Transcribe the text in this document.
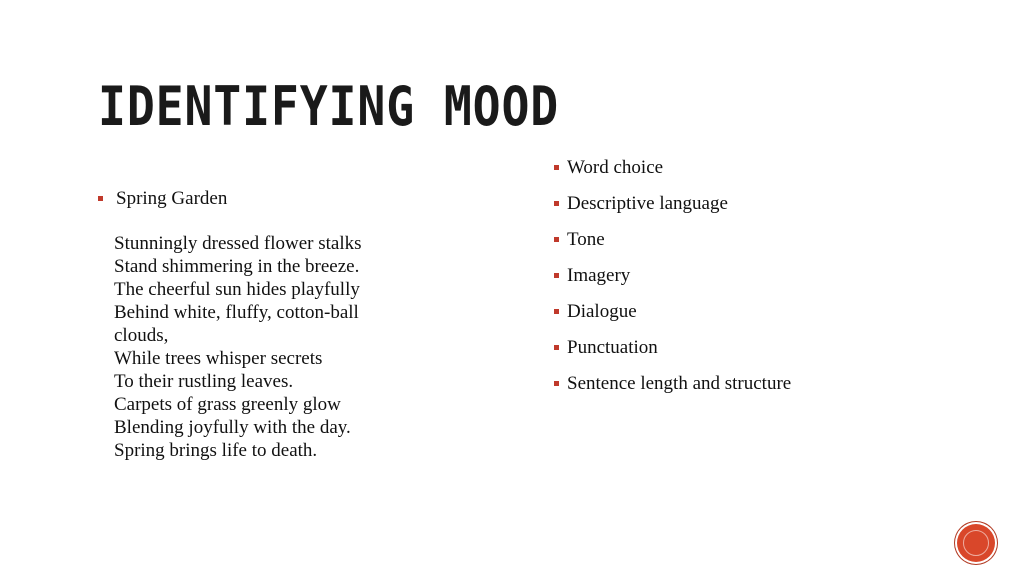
IDENTIFYING MOOD
Spring Garden
Stunningly dressed flower stalks
Stand shimmering in the breeze.
The cheerful sun hides playfully
Behind white, fluffy, cotton-ball
clouds,
While trees whisper secrets
To their rustling leaves.
Carpets of grass greenly glow
Blending joyfully with the day.
Spring brings life to death.
Word choice
Descriptive language
Tone
Imagery
Dialogue
Punctuation
Sentence length and structure
